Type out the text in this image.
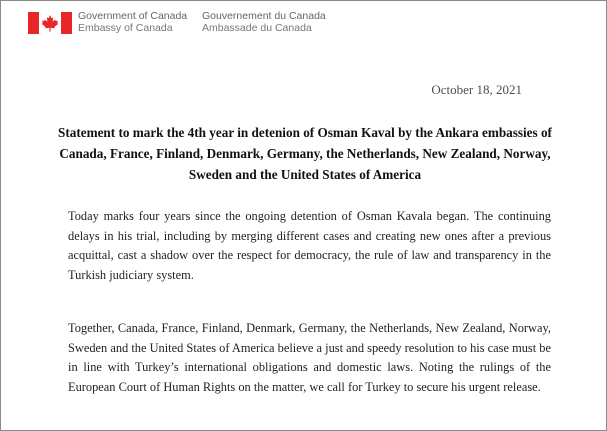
Government of Canada
Embassy of Canada
Gouvernement du Canada
Ambassade du Canada
October 18, 2021
Statement to mark the 4th year in detenion of Osman Kaval by the Ankara embassies of Canada, France, Finland, Denmark, Germany, the Netherlands, New Zealand, Norway, Sweden and the United States of America
Today marks four years since the ongoing detention of Osman Kavala began. The continuing delays in his trial, including by merging different cases and creating new ones after a previous acquittal, cast a shadow over the respect for democracy, the rule of law and transparency in the Turkish judiciary system.
Together, Canada, France, Finland, Denmark, Germany, the Netherlands, New Zealand, Norway, Sweden and the United States of America believe a just and speedy resolution to his case must be in line with Turkey’s international obligations and domestic laws. Noting the rulings of the European Court of Human Rights on the matter, we call for Turkey to secure his urgent release.
